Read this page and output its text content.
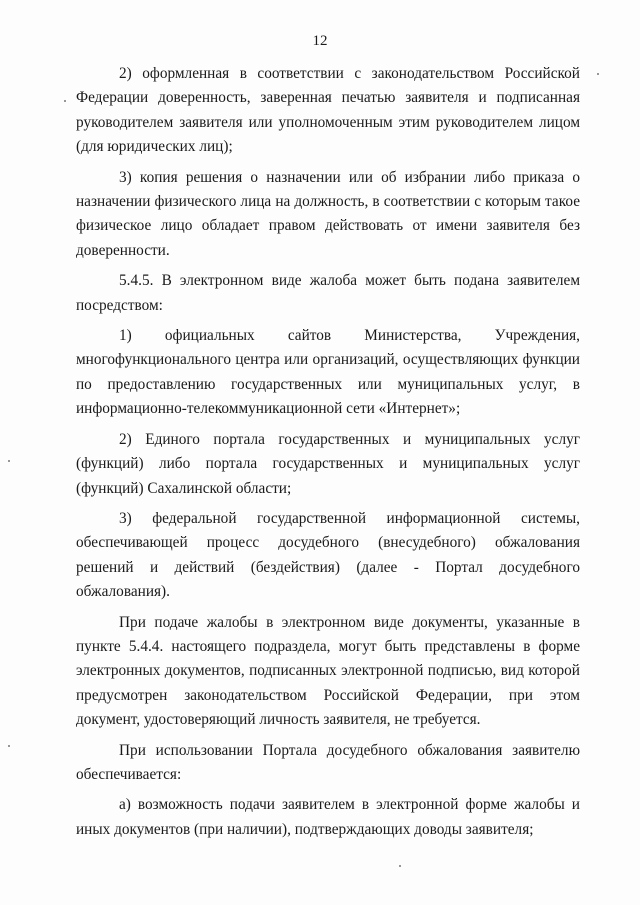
12

2) оформленная в соответствии с законодательством Российской Федерации доверенность, заверенная печатью заявителя и подписанная руководителем заявителя или уполномоченным этим руководителем лицом (для юридических лиц);

3) копия решения о назначении или об избрании либо приказа о назначении физического лица на должность, в соответствии с которым такое физическое лицо обладает правом действовать от имени заявителя без доверенности.

5.4.5. В электронном виде жалоба может быть подана заявителем посредством:

1) официальных сайтов Министерства, Учреждения, многофункционального центра или организаций, осуществляющих функции по предоставлению государственных или муниципальных услуг, в информационно-телекоммуникационной сети «Интернет»;

2) Единого портала государственных и муниципальных услуг (функций) либо портала государственных и муниципальных услуг (функций) Сахалинской области;

3) федеральной государственной информационной системы, обеспечивающей процесс досудебного (внесудебного) обжалования решений и действий (бездействия) (далее - Портал досудебного обжалования).

При подаче жалобы в электронном виде документы, указанные в пункте 5.4.4. настоящего подраздела, могут быть представлены в форме электронных документов, подписанных электронной подписью, вид которой предусмотрен законодательством Российской Федерации, при этом документ, удостоверяющий личность заявителя, не требуется.

При использовании Портала досудебного обжалования заявителю обеспечивается:

а) возможность подачи заявителем в электронной форме жалобы и иных документов (при наличии), подтверждающих доводы заявителя;
